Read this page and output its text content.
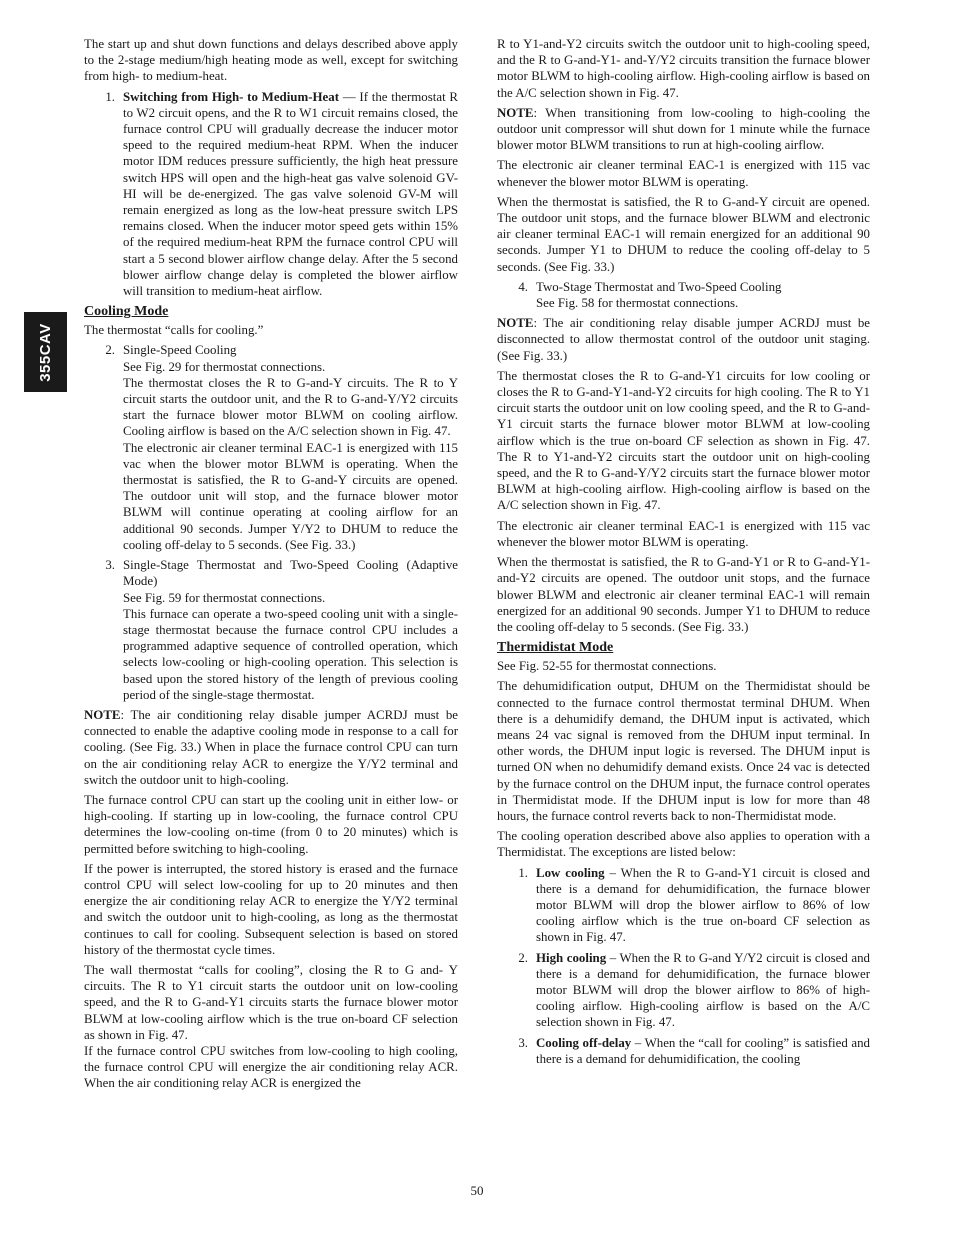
355CAV

The start up and shut down functions and delays described above apply to the 2-stage medium/high heating mode as well, except for switching from high- to medium-heat.

1. Switching from High- to Medium-Heat — If the thermostat R to W2 circuit opens, and the R to W1 circuit remains closed, the furnace control CPU will gradually decrease the inducer motor speed to the required medium-heat RPM. When the inducer motor IDM reduces pressure sufficiently, the high heat pressure switch HPS will open and the high-heat gas valve solenoid GV-HI will be de-energized. The gas valve solenoid GV-M will remain energized as long as the low-heat pressure switch LPS remains closed. When the inducer motor speed gets within 15% of the required medium-heat RPM the furnace control CPU will start a 5 second blower airflow change delay. After the 5 second blower airflow change delay is completed the blower airflow will transition to medium-heat airflow.

Cooling Mode

The thermostat “calls for cooling.”

2. Single-Speed Cooling

See Fig. 29 for thermostat connections.

The thermostat closes the R to G-and-Y circuits. The R to Y circuit starts the outdoor unit, and the R to G-and-Y/Y2 circuits start the furnace blower motor BLWM on cooling airflow. Cooling airflow is based on the A/C selection shown in Fig. 47.

The electronic air cleaner terminal EAC-1 is energized with 115 vac when the blower motor BLWM is operating. When the thermostat is satisfied, the R to G-and-Y circuits are opened. The outdoor unit will stop, and the furnace blower motor BLWM will continue operating at cooling airflow for an additional 90 seconds. Jumper Y/Y2 to DHUM to reduce the cooling off-delay to 5 seconds. (See Fig. 33.)

3. Single-Stage Thermostat and Two-Speed Cooling (Adaptive Mode)

See Fig. 59 for thermostat connections.

This furnace can operate a two-speed cooling unit with a single-stage thermostat because the furnace control CPU includes a programmed adaptive sequence of controlled operation, which selects low-cooling or high-cooling operation. This selection is based upon the stored history of the length of previous cooling period of the single-stage thermostat.

NOTE: The air conditioning relay disable jumper ACRDJ must be connected to enable the adaptive cooling mode in response to a call for cooling. (See Fig. 33.) When in place the furnace control CPU can turn on the air conditioning relay ACR to energize the Y/Y2 terminal and switch the outdoor unit to high-cooling.

The furnace control CPU can start up the cooling unit in either low- or high-cooling. If starting up in low-cooling, the furnace control CPU determines the low-cooling on-time (from 0 to 20 minutes) which is permitted before switching to high-cooling.

If the power is interrupted, the stored history is erased and the furnace control CPU will select low-cooling for up to 20 minutes and then energize the air conditioning relay ACR to energize the Y/Y2 terminal and switch the outdoor unit to high-cooling, as long as the thermostat continues to call for cooling. Subsequent selection is based on stored history of the thermostat cycle times.

The wall thermostat “calls for cooling”, closing the R to G and- Y circuits. The R to Y1 circuit starts the outdoor unit on low-cooling speed, and the R to G-and-Y1 circuits starts the furnace blower motor BLWM at low-cooling airflow which is the true on-board CF selection as shown in Fig. 47.

If the furnace control CPU switches from low-cooling to high cooling, the furnace control CPU will energize the air conditioning relay ACR. When the air conditioning relay ACR is energized the

R to Y1-and-Y2 circuits switch the outdoor unit to high-cooling speed, and the R to G-and-Y1- and-Y/Y2 circuits transition the furnace blower motor BLWM to high-cooling airflow. High-cooling airflow is based on the A/C selection shown in Fig. 47.

NOTE: When transitioning from low-cooling to high-cooling the outdoor unit compressor will shut down for 1 minute while the furnace blower motor BLWM transitions to run at high-cooling airflow.

The electronic air cleaner terminal EAC-1 is energized with 115 vac whenever the blower motor BLWM is operating.

When the thermostat is satisfied, the R to G-and-Y circuit are opened. The outdoor unit stops, and the furnace blower BLWM and electronic air cleaner terminal EAC-1 will remain energized for an additional 90 seconds. Jumper Y1 to DHUM to reduce the cooling off-delay to 5 seconds. (See Fig. 33.)

4. Two-Stage Thermostat and Two-Speed Cooling

See Fig. 58 for thermostat connections.

NOTE: The air conditioning relay disable jumper ACRDJ must be disconnected to allow thermostat control of the outdoor unit staging. (See Fig. 33.)

The thermostat closes the R to G-and-Y1 circuits for low cooling or closes the R to G-and-Y1-and-Y2 circuits for high cooling. The R to Y1 circuit starts the outdoor unit on low cooling speed, and the R to G-and-Y1 circuit starts the furnace blower motor BLWM at low-cooling airflow which is the true on-board CF selection as shown in Fig. 47. The R to Y1-and-Y2 circuits start the outdoor unit on high-cooling speed, and the R to G-and-Y/Y2 circuits start the furnace blower motor BLWM at high-cooling airflow. High-cooling airflow is based on the A/C selection shown in Fig. 47.

The electronic air cleaner terminal EAC-1 is energized with 115 vac whenever the blower motor BLWM is operating.

When the thermostat is satisfied, the R to G-and-Y1 or R to G-and-Y1-and-Y2 circuits are opened. The outdoor unit stops, and the furnace blower BLWM and electronic air cleaner terminal EAC-1 will remain energized for an additional 90 seconds. Jumper Y1 to DHUM to reduce the cooling off-delay to 5 seconds. (See Fig. 33.)

Thermidistat Mode

See Fig. 52-55 for thermostat connections.

The dehumidification output, DHUM on the Thermidistat should be connected to the furnace control thermostat terminal DHUM. When there is a dehumidify demand, the DHUM input is activated, which means 24 vac signal is removed from the DHUM input terminal. In other words, the DHUM input logic is reversed. The DHUM input is turned ON when no dehumidify demand exists. Once 24 vac is detected by the furnace control on the DHUM input, the furnace control operates in Thermidistat mode. If the DHUM input is low for more than 48 hours, the furnace control reverts back to non-Thermidistat mode.

The cooling operation described above also applies to operation with a Thermidistat. The exceptions are listed below:

1. Low cooling – When the R to G-and-Y1 circuit is closed and there is a demand for dehumidification, the furnace blower motor BLWM will drop the blower airflow to 86% of low cooling airflow which is the true on-board CF selection as shown in Fig. 47.

2. High cooling – When the R to G-and Y/Y2 circuit is closed and there is a demand for dehumidification, the furnace blower motor BLWM will drop the blower airflow to 86% of high-cooling airflow. High-cooling airflow is based on the A/C selection shown in Fig. 47.

3. Cooling off-delay – When the “call for cooling” is satisfied and there is a demand for dehumidification, the cooling

50
